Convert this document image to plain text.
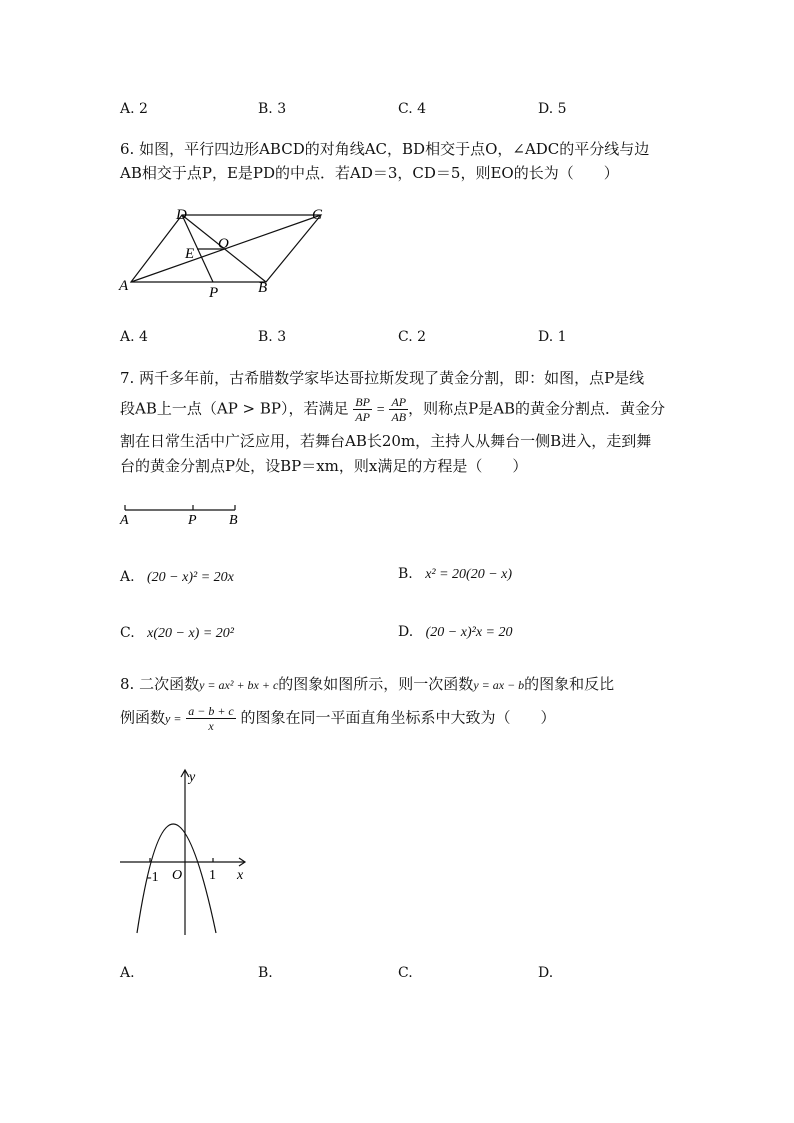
A. 2	B. 3	C. 4	D. 5
6. 如图，平行四边形ABCD的对角线AC，BD相交于点O，∠ADC的平分线与边
AB相交于点P，E是PD的中点．若AD＝3，CD＝5，则EO的长为（　　）
D	C
O
E
A	P	B
A. 4	B. 3	C. 2	D. 1
7. 两千多年前，古希腊数学家毕达哥拉斯发现了黄金分割，即：如图，点P是线
段AB上一点（AP > BP），若满足 $\frac{BP}{AP} = \frac{AP}{AB}$ ，则称点P是AB的黄金分割点．黄金分
割在日常生活中广泛应用，若舞台AB长20m，主持人从舞台一侧B进入，走到舞
台的黄金分割点P处，设BP＝xm，则x满足的方程是（　　）
A	P B
A. (20 − x)² = 20x	B. x² = 20(20 − x)
C. x(20 − x) = 20²	D. (20 − x)²x = 20
8. 二次函数y = ax² + bx + c的图象如图所示，则一次函数y = ax − b的图象和反比
例函数$y = \frac{a - b + c}{x}$ 的图象在同一平面直角坐标系中大致为（　　）
y
x
O
-1	1
A.	B.	C.	D.
